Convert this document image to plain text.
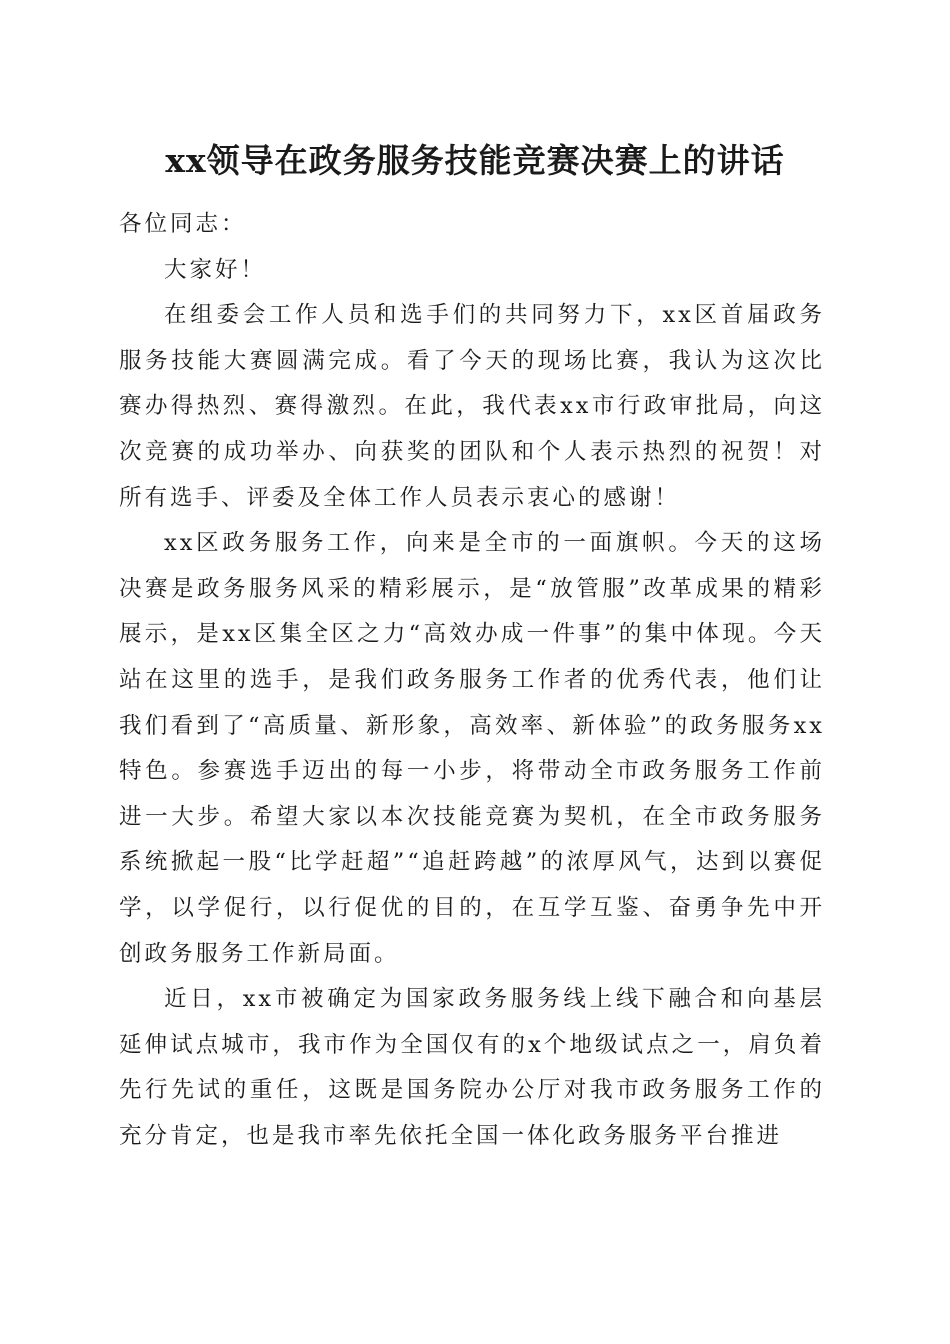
xx领导在政务服务技能竞赛决赛上的讲话

各位同志：

大家好！

在组委会工作人员和选手们的共同努力下，xx区首届政务服务技能大赛圆满完成。看了今天的现场比赛，我认为这次比赛办得热烈、赛得激烈。在此，我代表xx市行政审批局，向这次竞赛的成功举办、向获奖的团队和个人表示热烈的祝贺！对所有选手、评委及全体工作人员表示衷心的感谢！

xx区政务服务工作，向来是全市的一面旗帜。今天的这场决赛是政务服务风采的精彩展示，是“放管服”改革成果的精彩展示，是xx区集全区之力“高效办成一件事”的集中体现。今天站在这里的选手，是我们政务服务工作者的优秀代表，他们让我们看到了“高质量、新形象，高效率、新体验”的政务服务xx特色。参赛选手迈出的每一小步，将带动全市政务服务工作前进一大步。希望大家以本次技能竞赛为契机，在全市政务服务系统掀起一股“比学赶超”“追赶跨越”的浓厚风气，达到以赛促学，以学促行，以行促优的目的，在互学互鉴、奋勇争先中开创政务服务工作新局面。

近日，xx市被确定为国家政务服务线上线下融合和向基层延伸试点城市，我市作为全国仅有的x个地级试点之一，肩负着先行先试的重任，这既是国务院办公厅对我市政务服务工作的充分肯定，也是我市率先依托全国一体化政务服务平台推进
